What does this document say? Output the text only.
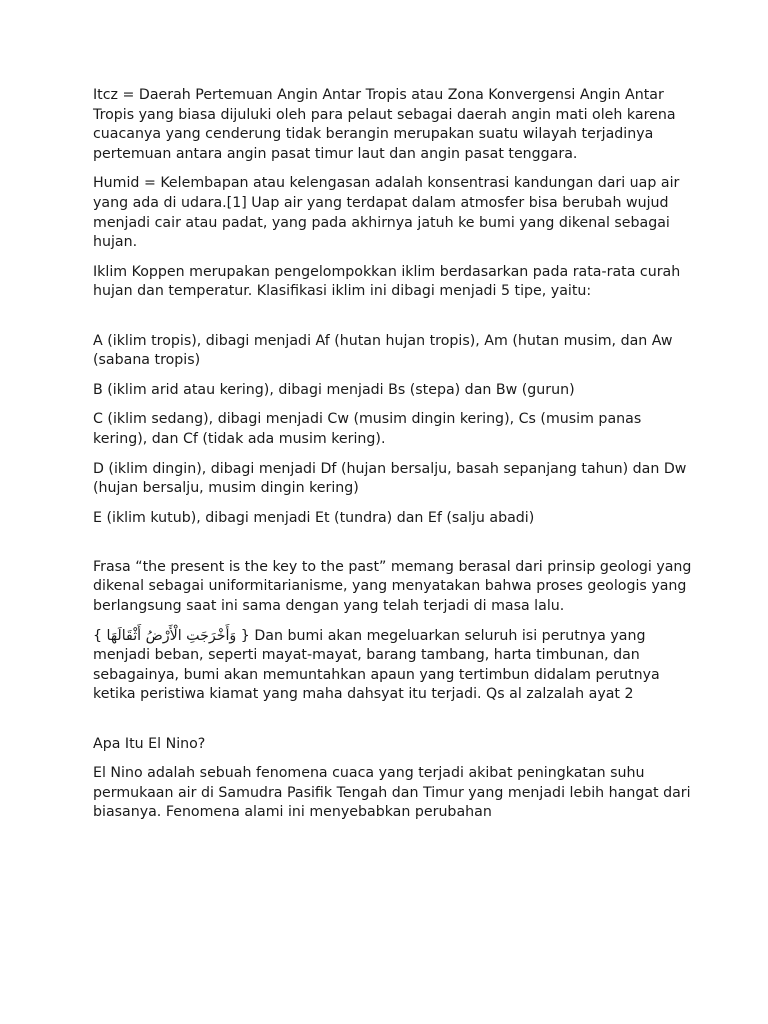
Itcz = Daerah Pertemuan Angin Antar Tropis atau Zona Konvergensi Angin Antar Tropis yang biasa dijuluki oleh para pelaut sebagai daerah angin mati oleh karena cuacanya yang cenderung tidak berangin merupakan suatu wilayah terjadinya pertemuan antara angin pasat timur laut dan angin pasat tenggara.

Humid = Kelembapan atau kelengasan adalah konsentrasi kandungan dari uap air yang ada di udara.[1] Uap air yang terdapat dalam atmosfer bisa berubah wujud menjadi cair atau padat, yang pada akhirnya jatuh ke bumi yang dikenal sebagai hujan.

Iklim Koppen merupakan pengelompokkan iklim berdasarkan pada rata-rata curah hujan dan temperatur. Klasifikasi iklim ini dibagi menjadi 5 tipe, yaitu:

A (iklim tropis), dibagi menjadi Af (hutan hujan tropis), Am (hutan musim, dan Aw (sabana tropis)

B (iklim arid atau kering), dibagi menjadi Bs (stepa) dan Bw (gurun)

C (iklim sedang), dibagi menjadi Cw (musim dingin kering), Cs (musim panas kering), dan Cf (tidak ada musim kering).

D (iklim dingin), dibagi menjadi Df (hujan bersalju, basah sepanjang tahun) dan Dw (hujan bersalju, musim dingin kering)

E (iklim kutub), dibagi menjadi Et (tundra) dan Ef (salju abadi)

Frasa “the present is the key to the past” memang berasal dari prinsip geologi yang dikenal sebagai uniformitarianisme, yang menyatakan bahwa proses geologis yang berlangsung saat ini sama dengan yang telah terjadi di masa lalu.

{ وَأَخْرَجَتِ الْأَرْضُ أَثْقَالَهَا } Dan bumi akan megeluarkan seluruh isi perutnya yang menjadi beban, seperti mayat-mayat, barang tambang, harta timbunan, dan sebagainya, bumi akan memuntahkan apaun yang tertimbun didalam perutnya ketika peristiwa kiamat yang maha dahsyat itu terjadi. Qs al zalzalah ayat 2

Apa Itu El Nino?

El Nino adalah sebuah fenomena cuaca yang terjadi akibat peningkatan suhu permukaan air di Samudra Pasifik Tengah dan Timur yang menjadi lebih hangat dari biasanya. Fenomena alami ini menyebabkan perubahan
